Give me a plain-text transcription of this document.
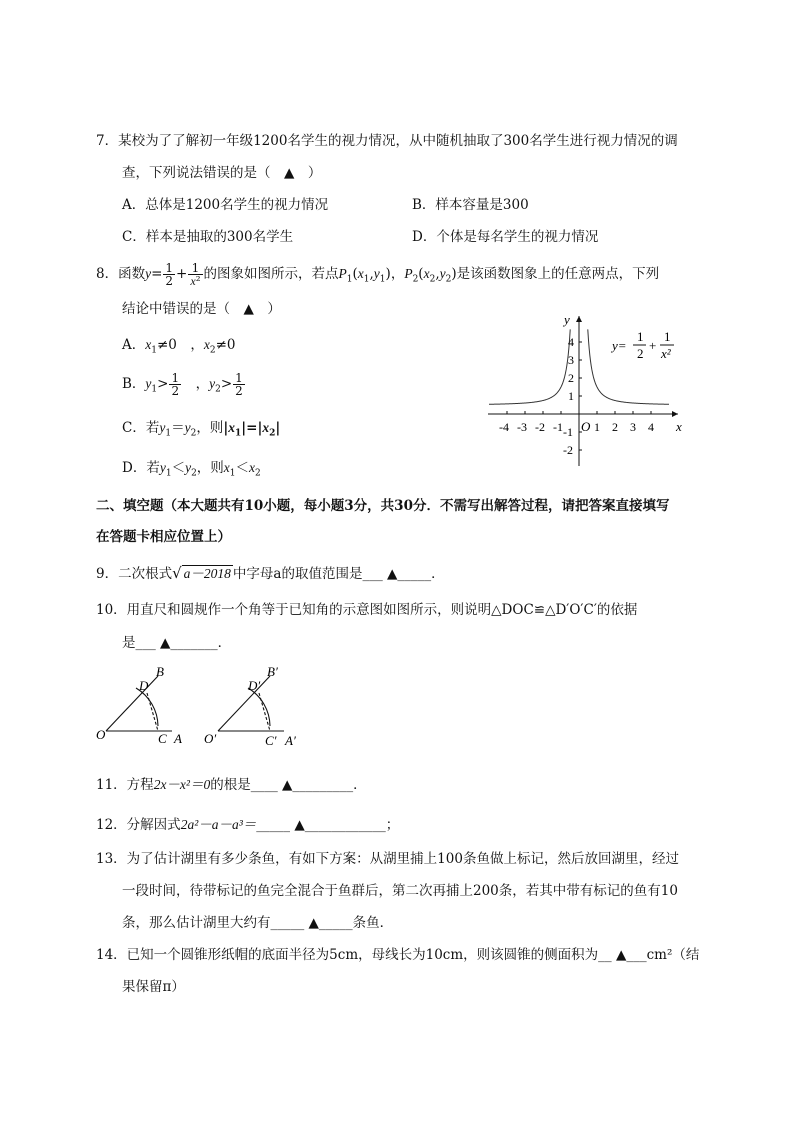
7．某校为了了解初一年级1200名学生的视力情况，从中随机抽取了300名学生进行视力情况的调
查，下列说法错误的是（　▲　）
A．总体是1200名学生的视力情况	B．样本容量是300
C．样本是抽取的300名学生	D．个体是每名学生的视力情况
8．函数$y= \frac{1}{2} + \frac{1}{\text{x²}}$ 的图象如图所示，若点$P_1(x_1,y_1)$，$P_2(x_2,y_2)$是该函数图象上的任意两点，下列
结论中错误的是（　▲　）
A．$x_1\ne 0$　，$x_2\ne 0$
B．$y_1> \frac{1}{2}$ 　，$y_2> \frac{1}{2}$
C．若$y_1=y_2$，则$|x_1|=|x_2|$
D．若$y_1<y_2$，则$x_1<x_2$
y
x
O
-4 -3 -2 -1	1 2 3 4
4
3
2
1
-1
-2
y=
1
2
+
1
x²
二、填空题（本大题共有10小题，每小题3分，共30分．不需写出解答过程，请把答案直接填写
在答题卡相应位置上）
9．二次根式√ a－2018 中字母a的取值范围是___ ▲_____．
10．用直尺和圆规作一个角等于已知角的示意图如图所示，则说明△DOC≌△D′O′C′的依据
是___ ▲_______．
O	A
B
C
D
O′	A′
B′
C′
D′
11．方程2x－x²＝0的根是____ ▲_________．
12．分解因式2a²－a－a³＝_____ ▲____________；
13．为了估计湖里有多少条鱼，有如下方案：从湖里捕上100条鱼做上标记，然后放回湖里，经过
一段时间，待带标记的鱼完全混合于鱼群后，第二次再捕上200条，若其中带有标记的鱼有10
条，那么估计湖里大约有_____ ▲_____条鱼．
14．已知一个圆锥形纸帽的底面半径为5cm，母线长为10cm，则该圆锥的侧面积为__ ▲___cm²（结
果保留π）
